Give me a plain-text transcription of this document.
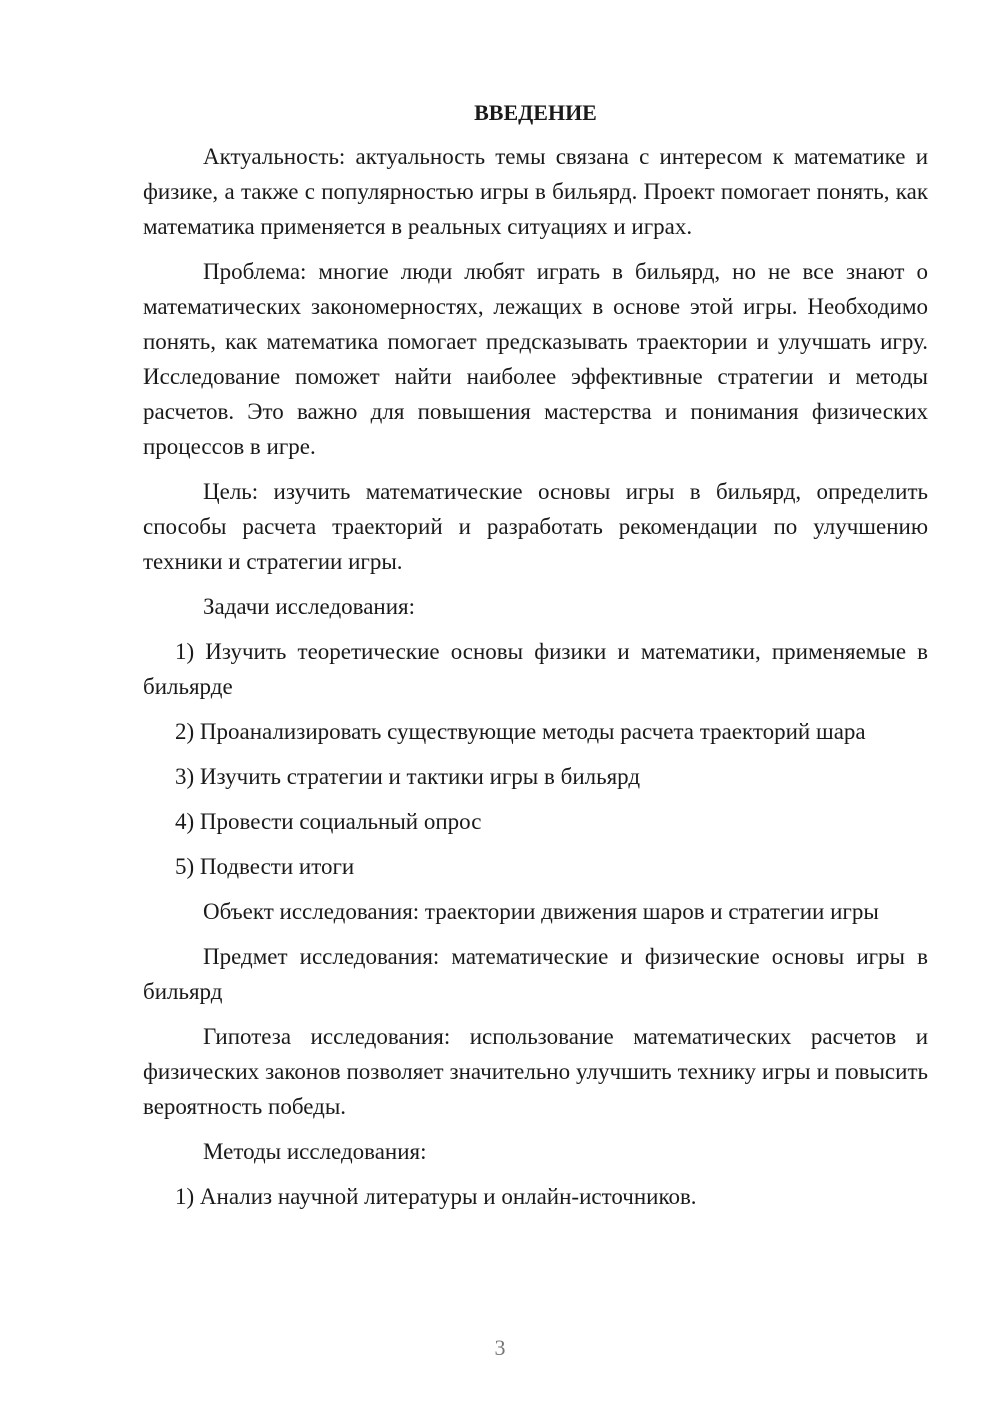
ВВЕДЕНИЕ

Актуальность: актуальность темы связана с интересом к математике и физике, а также с популярностью игры в бильярд. Проект помогает понять, как математика применяется в реальных ситуациях и играх.

Проблема: многие люди любят играть в бильярд, но не все знают о математических закономерностях, лежащих в основе этой игры. Необходимо понять, как математика помогает предсказывать траектории и улучшать игру. Исследование поможет найти наиболее эффективные стратегии и методы расчетов. Это важно для повышения мастерства и понимания физических процессов в игре.

Цель: изучить математические основы игры в бильярд, определить способы расчета траекторий и разработать рекомендации по улучшению техники и стратегии игры.

Задачи исследования:

1) Изучить теоретические основы физики и математики, применяемые в бильярде

2) Проанализировать существующие методы расчета траекторий шара

3) Изучить стратегии и тактики игры в бильярд

4) Провести социальный опрос

5) Подвести итоги

Объект исследования: траектории движения шаров и стратегии игры

Предмет исследования: математические и физические основы игры в бильярд

Гипотеза исследования: использование математических расчетов и физических законов позволяет значительно улучшить технику игры и повысить вероятность победы.

Методы исследования:

1) Анализ научной литературы и онлайн-источников.

3
